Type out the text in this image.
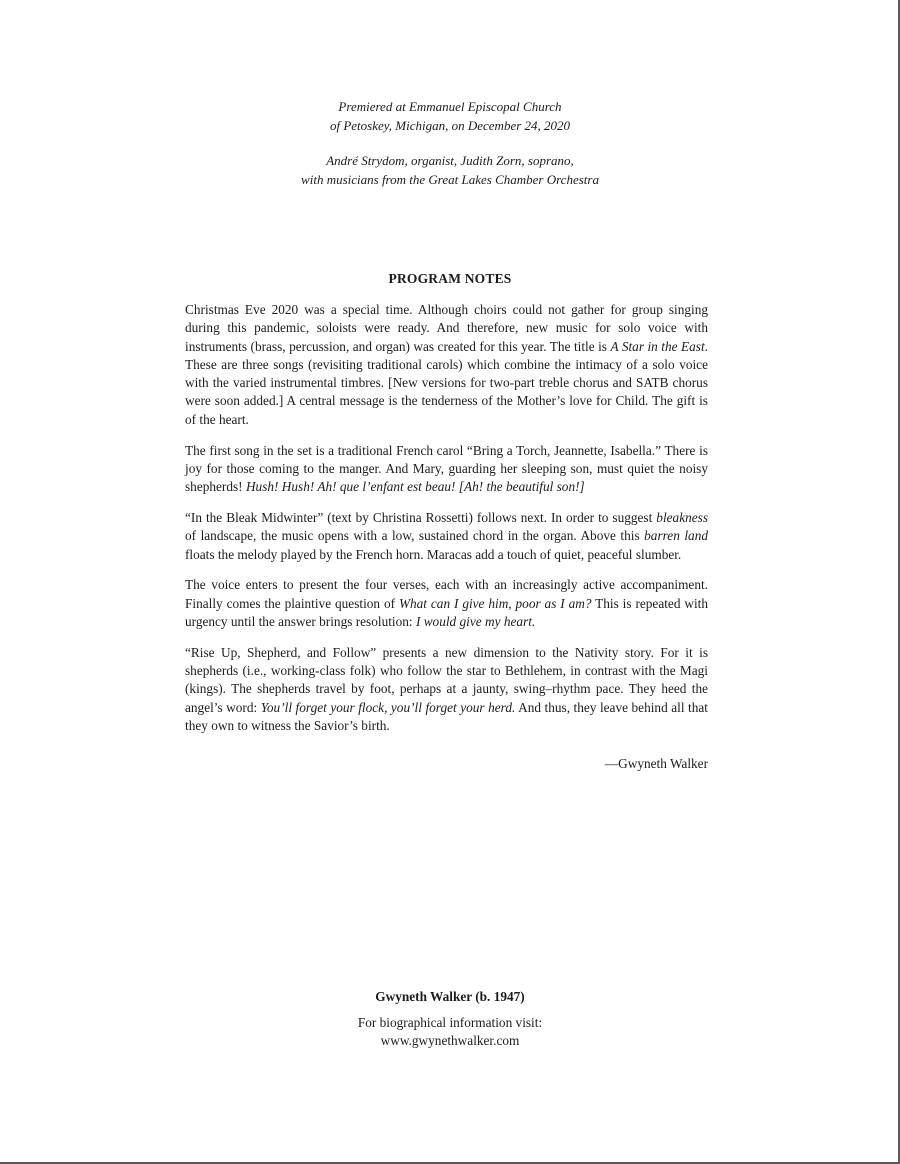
Premiered at Emmanuel Episcopal Church
of Petoskey, Michigan, on December 24, 2020
André Strydom, organist, Judith Zorn, soprano,
with musicians from the Great Lakes Chamber Orchestra
PROGRAM NOTES

Christmas Eve 2020 was a special time. Although choirs could not gather for group singing during this pandemic, soloists were ready. And therefore, new music for solo voice with instruments (brass, percussion, and organ) was created for this year. The title is A Star in the East. These are three songs (revisiting traditional carols) which combine the intimacy of a solo voice with the varied instrumental timbres. [New versions for two-part treble chorus and SATB chorus were soon added.] A central message is the tenderness of the Mother’s love for Child. The gift is of the heart.

The first song in the set is a traditional French carol “Bring a Torch, Jeannette, Isabella.” There is joy for those coming to the manger. And Mary, guarding her sleeping son, must quiet the noisy shepherds! Hush! Hush! Ah! que l’enfant est beau! [Ah! the beautiful son!]

“In the Bleak Midwinter” (text by Christina Rossetti) follows next. In order to suggest bleakness of landscape, the music opens with a low, sustained chord in the organ. Above this barren land floats the melody played by the French horn. Maracas add a touch of quiet, peaceful slumber.

The voice enters to present the four verses, each with an increasingly active accompaniment. Finally comes the plaintive question of What can I give him, poor as I am? This is repeated with urgency until the answer brings resolution: I would give my heart.

“Rise Up, Shepherd, and Follow” presents a new dimension to the Nativity story. For it is shepherds (i.e., working-class folk) who follow the star to Bethlehem, in contrast with the Magi (kings). The shepherds travel by foot, perhaps at a jaunty, swing–rhythm pace. They heed the angel’s word: You’ll forget your flock, you’ll forget your herd. And thus, they leave behind all that they own to witness the Savior’s birth.

—Gwyneth Walker
Gwyneth Walker (b. 1947)
For biographical information visit:
www.gwynethwalker.com
